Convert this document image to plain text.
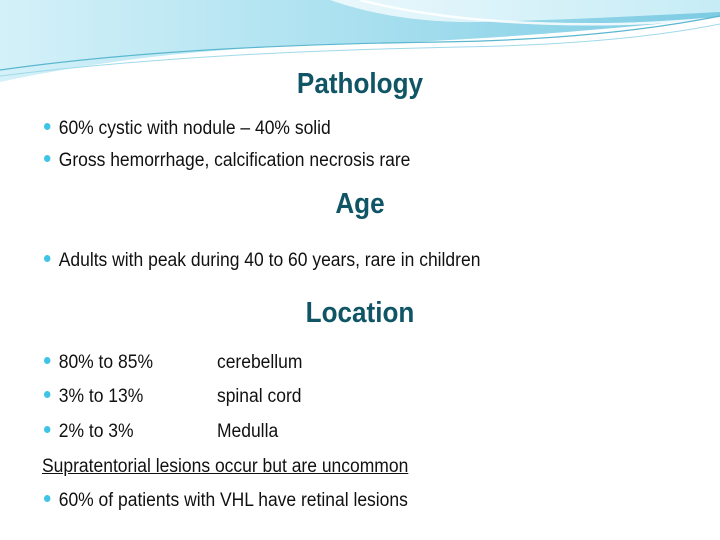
Pathology
60% cystic with nodule – 40% solid
Gross hemorrhage, calcification necrosis rare
Age
Adults with peak during 40 to 60 years, rare in children
Location
80% to 85%	cerebellum
3% to 13%	spinal cord
2% to 3%	Medulla
Supratentorial lesions occur but are uncommon
60% of patients with VHL have retinal lesions
